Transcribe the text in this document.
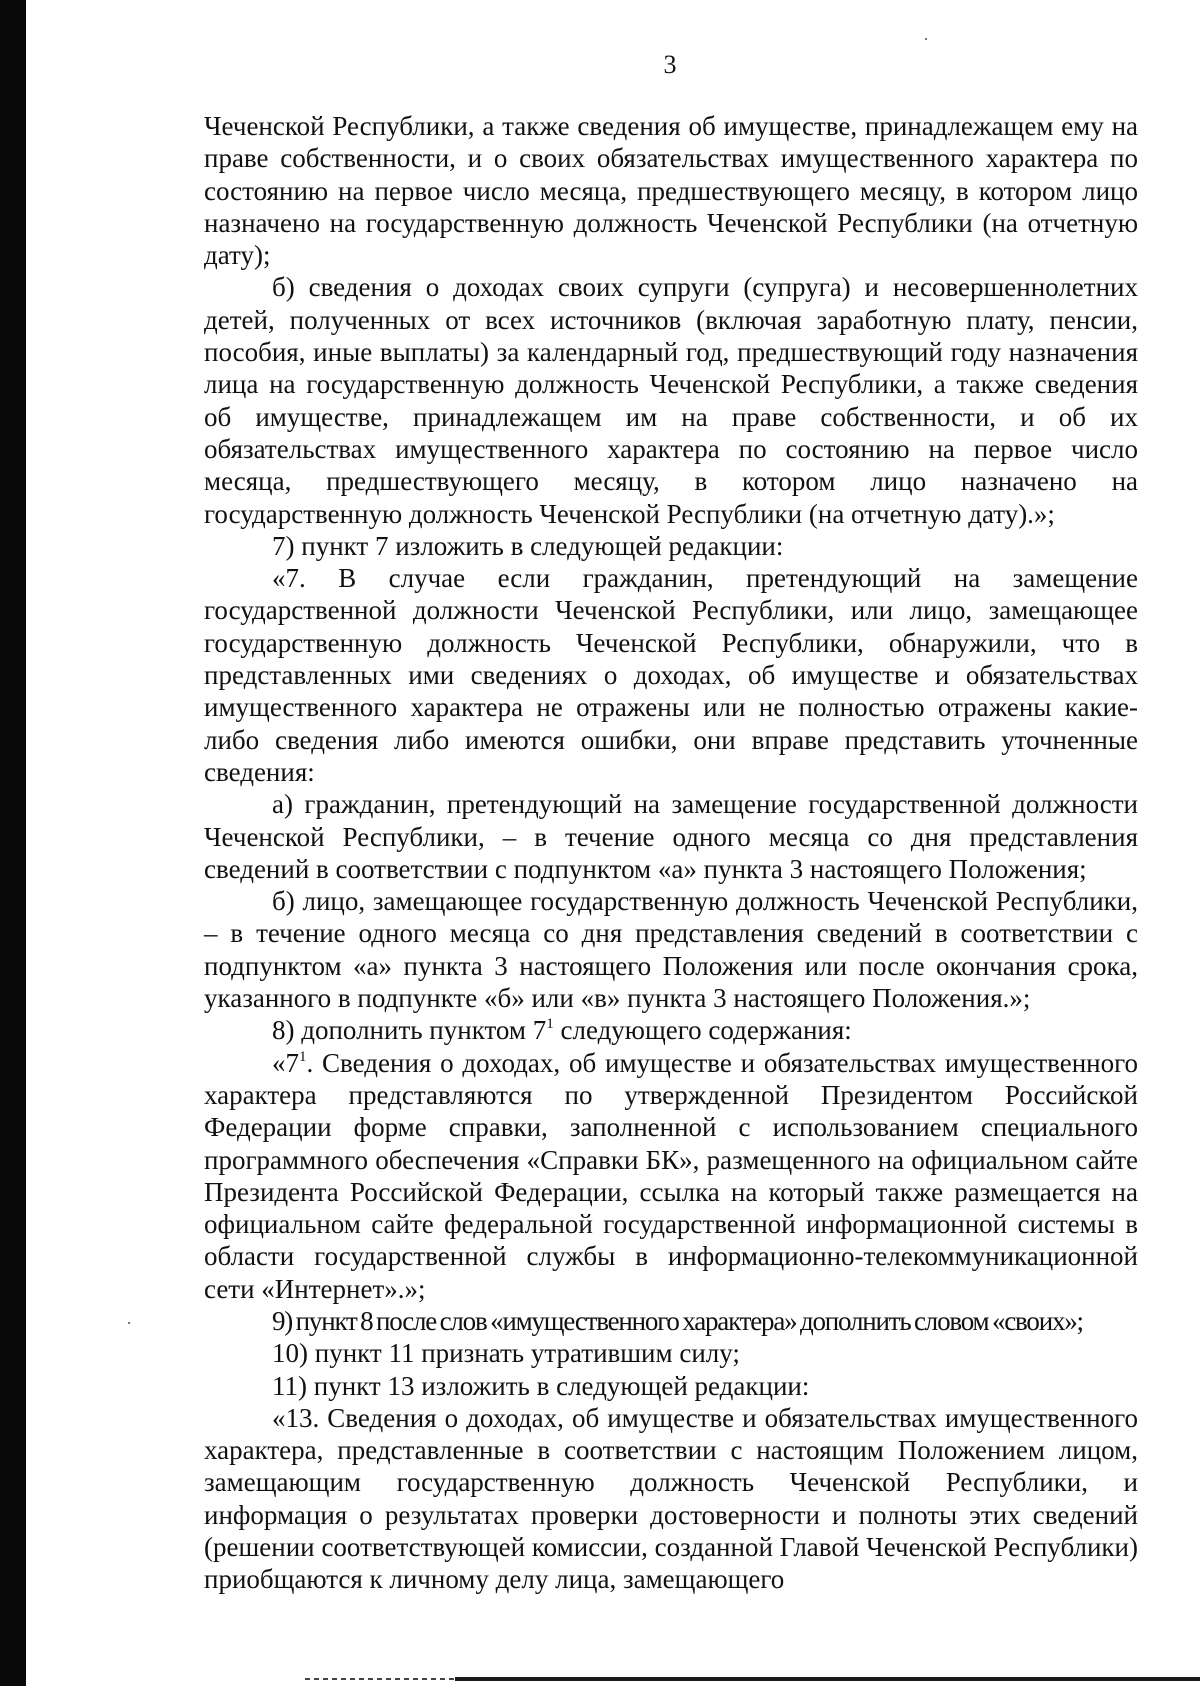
3

Чеченской Республики, а также сведения об имуществе, принадлежащем ему на праве собственности, и о своих обязательствах имущественного характера по состоянию на первое число месяца, предшествующего месяцу, в котором лицо назначено на государственную должность Чеченской Республики (на отчетную дату);

б) сведения о доходах своих супруги (супруга) и несовершеннолетних детей, полученных от всех источников (включая заработную плату, пенсии, пособия, иные выплаты) за календарный год, предшествующий году назначения лица на государственную должность Чеченской Республики, а также сведения об имуществе, принадлежащем им на праве собственности, и об их обязательствах имущественного характера по состоянию на первое число месяца, предшествующего месяцу, в котором лицо назначено на государственную должность Чеченской Республики (на отчетную дату).»;

7) пункт 7 изложить в следующей редакции:

«7. В случае если гражданин, претендующий на замещение государственной должности Чеченской Республики, или лицо, замещающее государственную должность Чеченской Республики, обнаружили, что в представленных ими сведениях о доходах, об имуществе и обязательствах имущественного характера не отражены или не полностью отражены какие-либо сведения либо имеются ошибки, они вправе представить уточненные сведения:

а) гражданин, претендующий на замещение государственной должности Чеченской Республики, – в течение одного месяца со дня представления сведений в соответствии с подпунктом «а» пункта 3 настоящего Положения;

б) лицо, замещающее государственную должность Чеченской Республики, – в течение одного месяца со дня представления сведений в соответствии с подпунктом «а» пункта 3 настоящего Положения или после окончания срока, указанного в подпункте «б» или «в» пункта 3 настоящего Положения.»;

8) дополнить пунктом $7^1$ следующего содержания:

«$7^1$. Сведения о доходах, об имуществе и обязательствах имущественного характера представляются по утвержденной Президентом Российской Федерации форме справки, заполненной с использованием специального программного обеспечения «Справки БК», размещенного на официальном сайте Президента Российской Федерации, ссылка на который также размещается на официальном сайте федеральной государственной информационной системы в области государственной службы в информационно-телекоммуникационной сети «Интернет».»;

9) пункт 8 после слов «имущественного характера» дополнить словом «своих»;

10) пункт 11 признать утратившим силу;

11) пункт 13 изложить в следующей редакции:

«13. Сведения о доходах, об имуществе и обязательствах имущественного характера, представленные в соответствии с настоящим Положением лицом, замещающим государственную должность Чеченской Республики, и информация о результатах проверки достоверности и полноты этих сведений (решении соответствующей комиссии, созданной Главой Чеченской Республики) приобщаются к личному делу лица, замещающего
